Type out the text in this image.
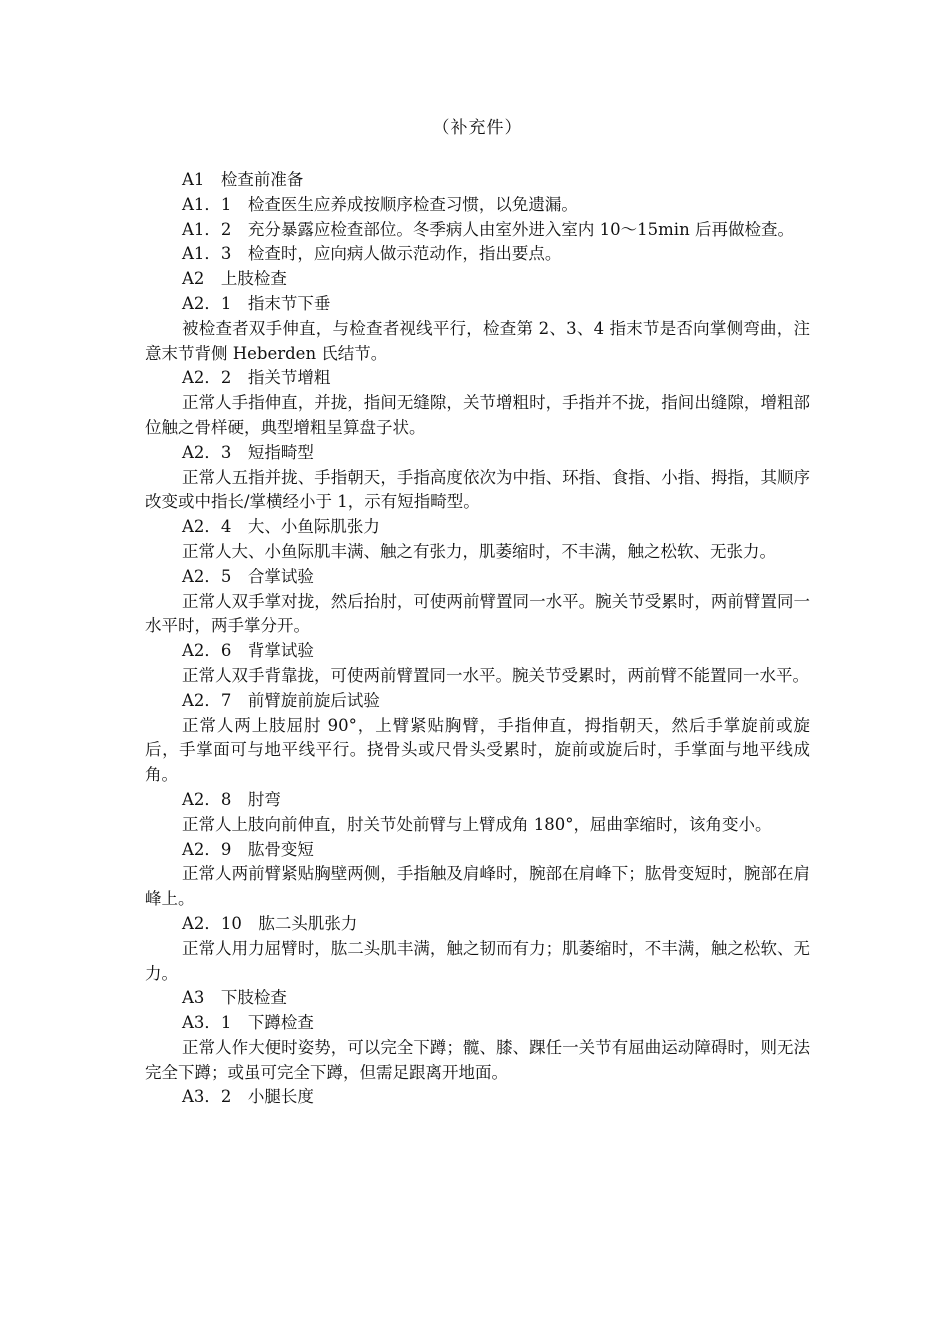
（补充件）

A1　检查前准备

A1．1　检查医生应养成按顺序检查习惯，以免遗漏。

A1．2　充分暴露应检查部位。冬季病人由室外进入室内 10～15min 后再做检查。

A1．3　检查时，应向病人做示范动作，指出要点。

A2　上肢检查

A2．1　指末节下垂

被检查者双手伸直，与检查者视线平行，检查第 2、3、4 指末节是否向掌侧弯曲，注意末节背侧 Heberden 氏结节。

A2．2　指关节增粗

正常人手指伸直，并拢，指间无缝隙，关节增粗时，手指并不拢，指间出缝隙，增粗部位触之骨样硬，典型增粗呈算盘子状。

A2．3　短指畸型

正常人五指并拢、手指朝天，手指高度依次为中指、环指、食指、小指、拇指，其顺序改变或中指长/掌横经小于 1，示有短指畸型。

A2．4　大、小鱼际肌张力

正常人大、小鱼际肌丰满、触之有张力，肌萎缩时，不丰满，触之松软、无张力。

A2．5　合掌试验

正常人双手掌对拢，然后抬肘，可使两前臂置同一水平。腕关节受累时，两前臂置同一水平时，两手掌分开。

A2．6　背掌试验

正常人双手背靠拢，可使两前臂置同一水平。腕关节受累时，两前臂不能置同一水平。

A2．7　前臂旋前旋后试验

正常人两上肢屈肘 90°，上臂紧贴胸臂，手指伸直，拇指朝天，然后手掌旋前或旋后，手掌面可与地平线平行。挠骨头或尺骨头受累时，旋前或旋后时，手掌面与地平线成角。

A2．8　肘弯

正常人上肢向前伸直，肘关节处前臂与上臂成角 180°，屈曲挛缩时，该角变小。

A2．9　肱骨变短

正常人两前臂紧贴胸壁两侧，手指触及肩峰时，腕部在肩峰下；肱骨变短时，腕部在肩峰上。

A2．10　肱二头肌张力

正常人用力屈臂时，肱二头肌丰满，触之韧而有力；肌萎缩时，不丰满，触之松软、无力。

A3　下肢检查

A3．1　下蹲检查

正常人作大便时姿势，可以完全下蹲；髋、膝、踝任一关节有屈曲运动障碍时，则无法完全下蹲；或虽可完全下蹲，但需足跟离开地面。

A3．2　小腿长度
